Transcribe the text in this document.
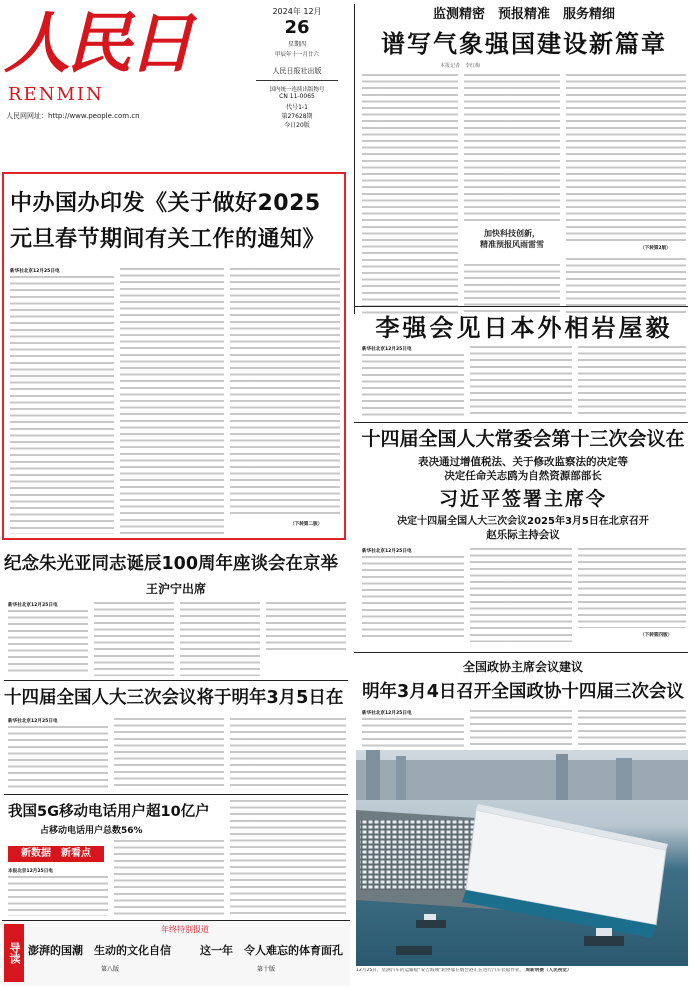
人民日
RENMIN
人民网网址：http://www.people.com.cn
2024年 12月
26
星期四
甲辰年十一月廿六
人民日报社出版
国内统一连续出版物号
CN 11-0065
代号1-1
第27628期
今日20版
监测精密　预报精准　服务精细
谱写气象强国建设新篇章
本报记者　李红梅
加快科技创新，
精准预报风雨雷雪	（下转第2版）
中办国办印发《关于做好2025
元旦春节期间有关工作的通知》
新华社北京12月25日电
（下转第二版）
李强会见日本外相岩屋毅
新华社北京12月25日电
十四届全国人大常委会第十三次会议在
表决通过增值税法、关于修改监察法的决定等
决定任命关志鸥为自然资源部部长
习近平签署主席令
决定十四届全国人大三次会议2025年3月5日在北京召开
赵乐际主持会议
新华社北京12月25日电
（下转第四版）
纪念朱光亚同志诞辰100周年座谈会在京举
王沪宁出席
新华社北京12月25日电
十四届全国人大三次会议将于明年3月5日在
新华社北京12月25日电
全国政协主席会议建议
明年3月4日召开全国政协十四届三次会议
新华社北京12月25日电
我国5G移动电话用户超10亿户
占移动电话用户总数56%
新数据　新看点
本报北京12月25日电
12月25日，装满汽车的运输船“安吉海翔”轮停靠在烟台港正在进行汽车装船作业。 周新明摄（人民视觉）
导读
年终特别报道
澎湃的国潮　生动的文化自信
第八版
这一年　令人难忘的体育面孔
第十版
